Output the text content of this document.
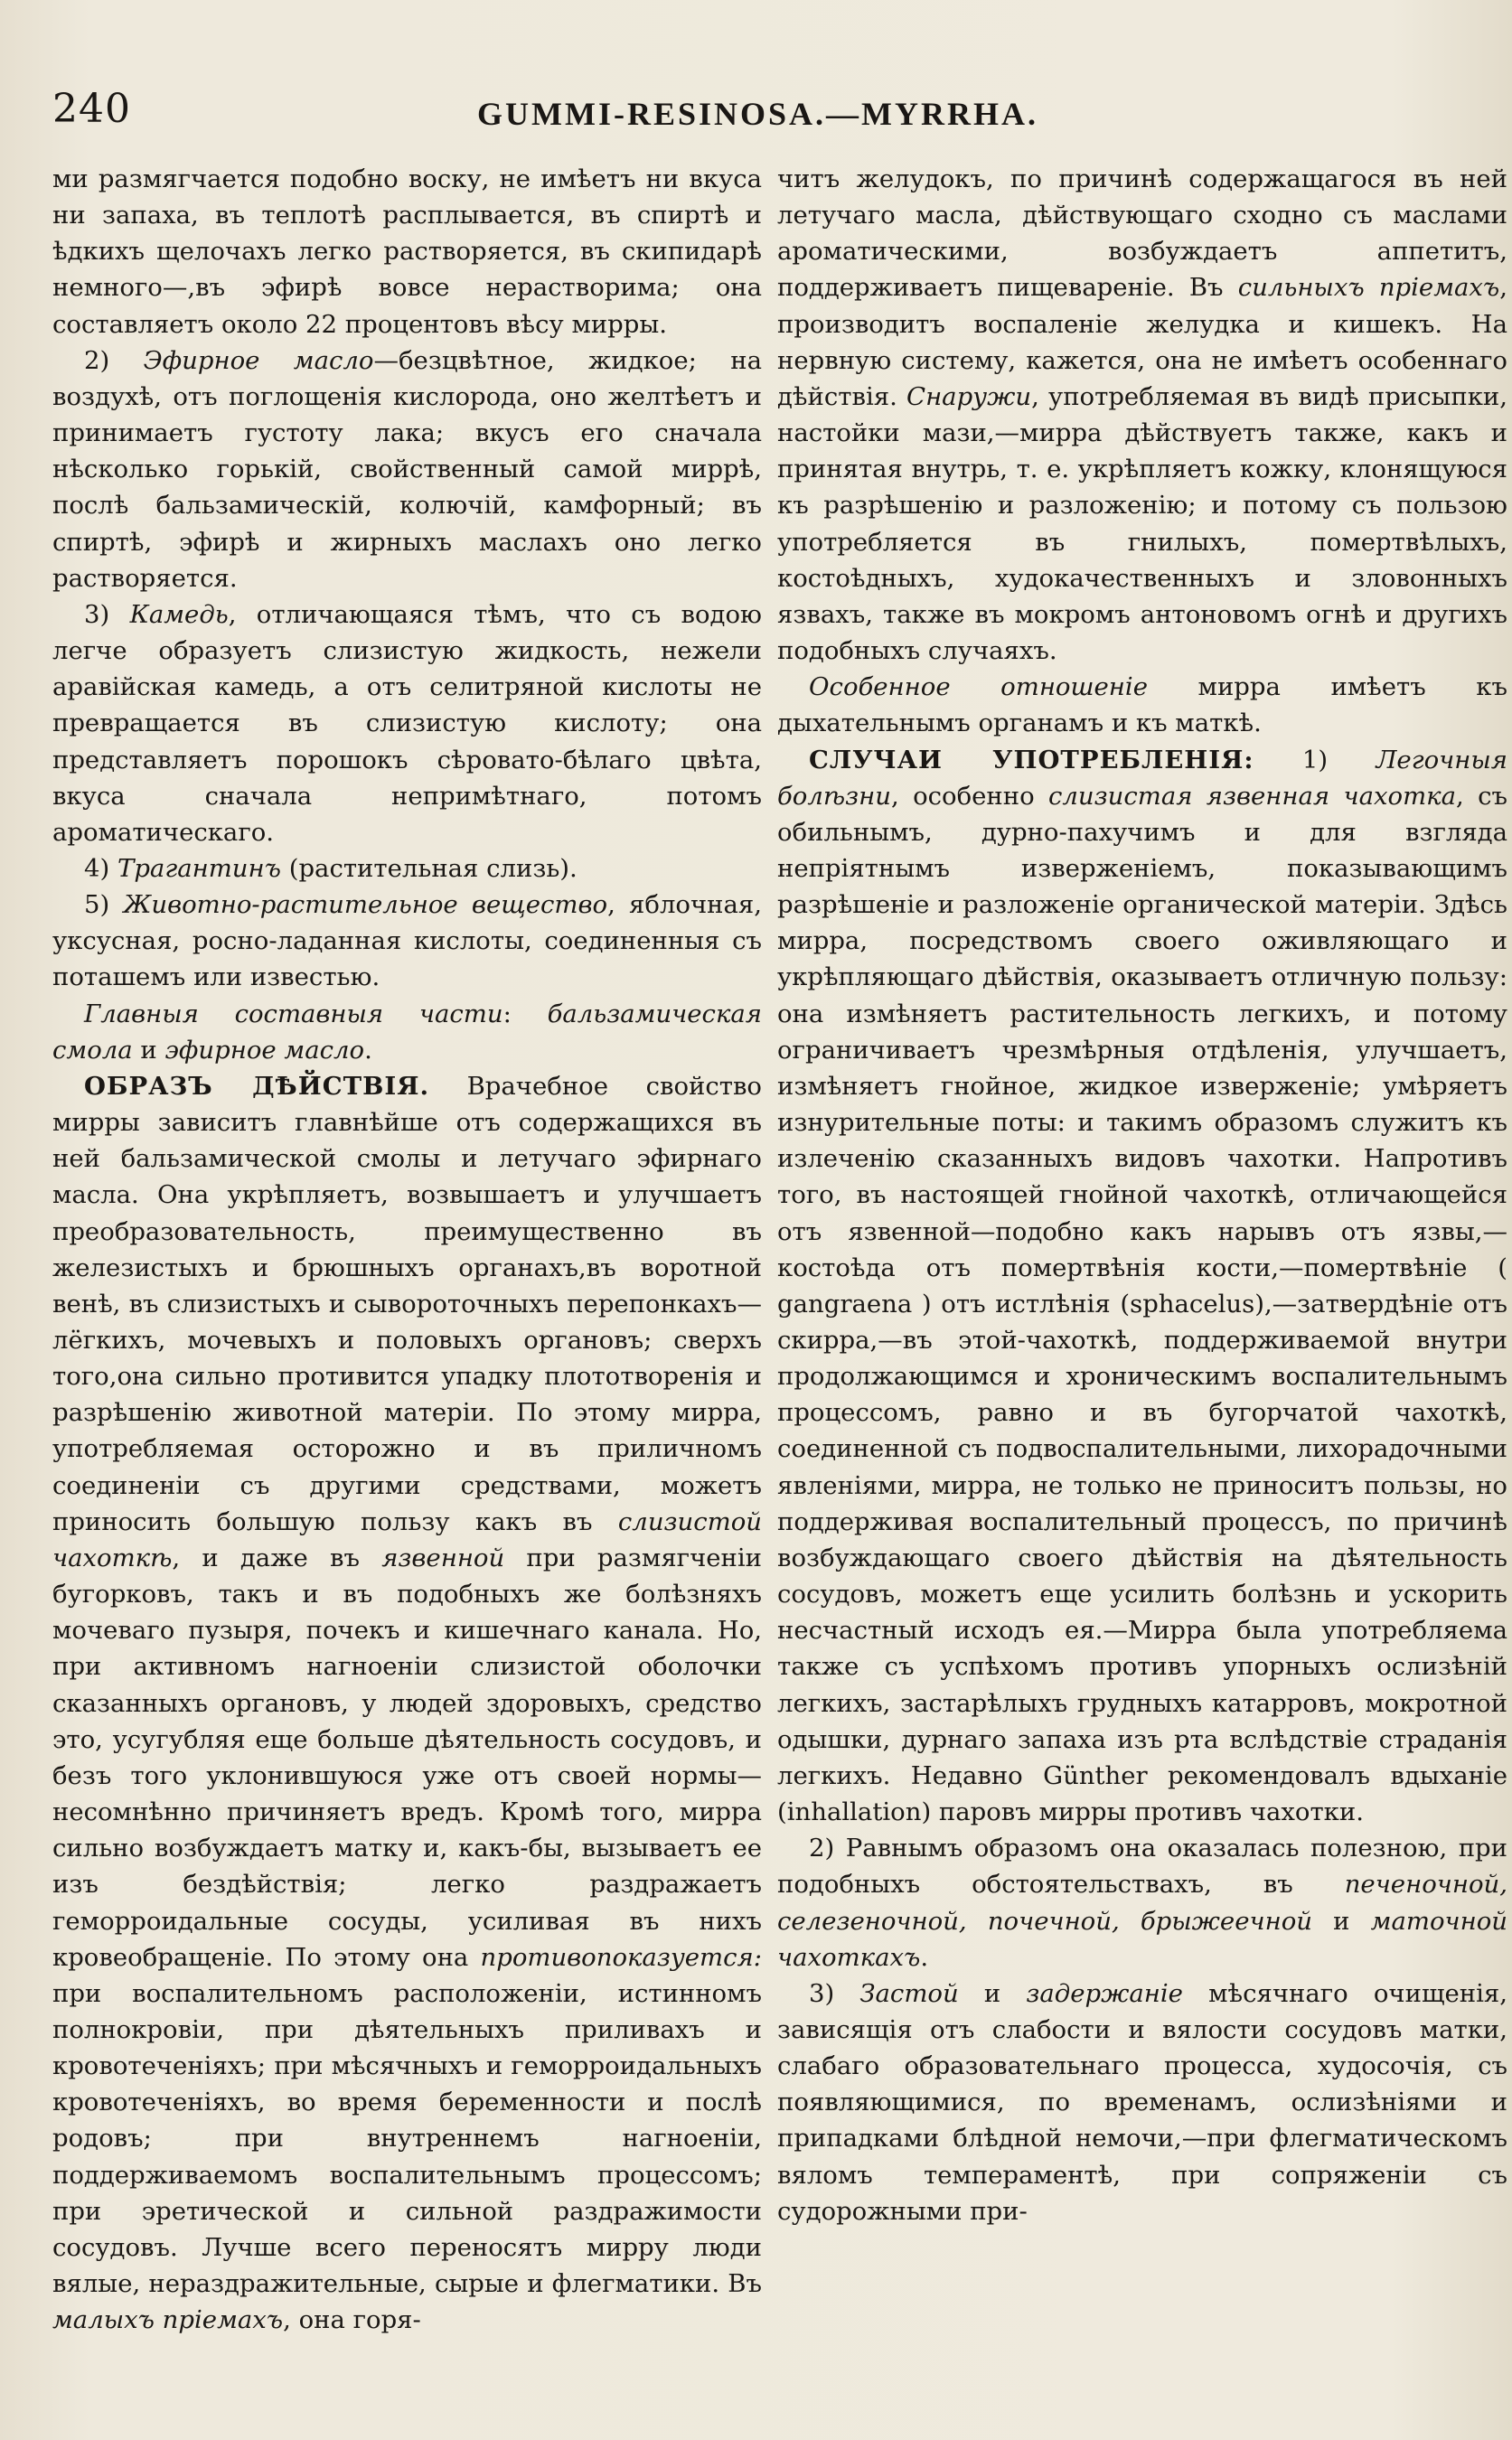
240	GUMMI-RESINOSA.—MYRRHA.

ми размягчается подобно воску, не имѣетъ ни вкуса ни запаха, въ теплотѣ расплывается, въ спиртѣ и ѣдкихъ щелочахъ легко растворяется, въ скипидарѣ немного—,въ эфирѣ вовсе нерастворима; она составляетъ около 22 процентовъ вѣсу мирры.

2) Эфирное масло—безцвѣтное, жидкое; на воздухѣ, отъ поглощенія кислорода, оно желтѣетъ и принимаетъ густоту лака; вкусъ его сначала нѣсколько горькій, свойственный самой миррѣ, послѣ бальзамическій, колючій, камфорный; въ спиртѣ, эфирѣ и жирныхъ маслахъ оно легко растворяется.

3) Камедь, отличающаяся тѣмъ, что съ водою легче образуетъ слизистую жидкость, нежели аравійская камедь, а отъ селитряной кислоты не превращается въ слизистую кислоту; она представляетъ порошокъ сѣровато-бѣлаго цвѣта, вкуса сначала непримѣтнаго, потомъ ароматическаго.

4) Трагантинъ (растительная слизь).

5) Животно-растительное вещество, яблочная, уксусная, росно-ладанная кислоты, соединенныя съ поташемъ или известью.

Главныя составныя части: бальзамическая смола и эфирное масло.

ОБРАЗЪ ДѢЙСТВІЯ. Врачебное свойство мирры зависитъ главнѣйше отъ содержащихся въ ней бальзамической смолы и летучаго эфирнаго масла. Она укрѣпляетъ, возвышаетъ и улучшаетъ преобразовательность, преимущественно въ железистыхъ и брюшныхъ органахъ,въ воротной венѣ, въ слизистыхъ и сывороточныхъ перепонкахъ—лёгкихъ, мочевыхъ и половыхъ органовъ; сверхъ того,она сильно противится упадку плототворенія и разрѣшенію животной матеріи. По этому мирра, употребляемая осторожно и въ приличномъ соединеніи съ другими средствами, можетъ приносить большую пользу какъ въ слизистой чахоткѣ, и даже въ язвенной при размягченіи бугорковъ, такъ и въ подобныхъ же болѣзняхъ мочеваго пузыря, почекъ и кишечнаго канала. Но, при активномъ нагноеніи слизистой оболочки сказанныхъ органовъ, у людей здоровыхъ, средство это, усугубляя еще больше дѣятельность сосудовъ, и безъ того уклонившуюся уже отъ своей нормы—несомнѣнно причиняетъ вредъ. Кромѣ того, мирра сильно возбуждаетъ матку и, какъ-бы, вызываетъ ее изъ бездѣйствія; легко раздражаетъ геморроидальные сосуды, усиливая въ нихъ кровеобращеніе. По этому она противопоказуется: при воспалительномъ расположеніи, истинномъ полнокровіи, при дѣятельныхъ приливахъ и кровотеченіяхъ; при мѣсячныхъ и геморроидальныхъ кровотеченіяхъ, во время беременности и послѣ родовъ; при внутреннемъ нагноеніи, поддерживаемомъ воспалительнымъ процессомъ; при эретической и сильной раздражимости сосудовъ. Лучше всего переносятъ мирру люди вялые, нераздражительные, сырые и флегматики. Въ малыхъ пріемахъ, она горя-

читъ желудокъ, по причинѣ содержащагося въ ней летучаго масла, дѣйствующаго сходно съ маслами ароматическими, возбуждаетъ аппетитъ, поддерживаетъ пищевареніе. Въ сильныхъ пріемахъ, производитъ воспаленіе желудка и кишекъ. На нервную систему, кажется, она не имѣетъ особеннаго дѣйствія. Снаружи, употребляемая въ видѣ присыпки, настойки мази,—мирра дѣйствуетъ также, какъ и принятая внутрь, т. е. укрѣпляетъ кожку, клонящуюся къ разрѣшенію и разложенію; и потому съ пользою употребляется въ гнилыхъ, помертвѣлыхъ, костоѣдныхъ, худокачественныхъ и зловонныхъ язвахъ, также въ мокромъ антоновомъ огнѣ и другихъ подобныхъ случаяхъ.

Особенное отношеніе мирра имѣетъ къ дыхательнымъ органамъ и къ маткѣ.

СЛУЧАИ УПОТРЕБЛЕНІЯ: 1) Легочныя болѣзни, особенно слизистая язвенная чахотка, съ обильнымъ, дурно-пахучимъ и для взгляда непріятнымъ изверженіемъ, показывающимъ разрѣшеніе и разложеніе органической матеріи. Здѣсь мирра, посредствомъ своего оживляющаго и укрѣпляющаго дѣйствія, оказываетъ отличную пользу: она измѣняетъ растительность легкихъ, и потому ограничиваетъ чрезмѣрныя отдѣленія, улучшаетъ, измѣняетъ гнойное, жидкое изверженіе; умѣряетъ изнурительные поты: и такимъ образомъ служитъ къ излеченію сказанныхъ видовъ чахотки. Напротивъ того, въ настоящей гнойной чахоткѣ, отличающейся отъ язвенной—подобно какъ нарывъ отъ язвы,—костоѣда отъ помертвѣнія кости,—помертвѣніе ( gangraena ) отъ истлѣнія (sphacelus),—затвердѣніе отъ скирра,—въ этой-чахоткѣ, поддерживаемой внутри продолжающимся и хроническимъ воспалительнымъ процессомъ, равно и въ бугорчатой чахоткѣ, соединенной съ подвоспалительными, лихорадочными явленіями, мирра, не только не приноситъ пользы, но поддерживая воспалительный процессъ, по причинѣ возбуждающаго своего дѣйствія на дѣятельность сосудовъ, можетъ еще усилить болѣзнь и ускорить несчастный исходъ ея.—Мирра была употребляема также съ успѣхомъ противъ упорныхъ ослизѣній легкихъ, застарѣлыхъ грудныхъ катарровъ, мокротной одышки, дурнаго запаха изъ рта вслѣдствіе страданія легкихъ. Недавно Günther рекомендовалъ вдыханіе (inhallation) паровъ мирры противъ чахотки.

2) Равнымъ образомъ она оказалась полезною, при подобныхъ обстоятельствахъ, въ печеночной, селезеночной, почечной, брыжеечной и маточной чахоткахъ.

3) Застой и задержаніе мѣсячнаго очищенія, зависящія отъ слабости и вялости сосудовъ матки, слабаго образовательнаго процесса, худосочія, съ появляющимися, по временамъ, ослизѣніями и припадками блѣдной немочи,—при флегматическомъ вяломъ темпераментѣ, при сопряженіи съ судорожными при-
